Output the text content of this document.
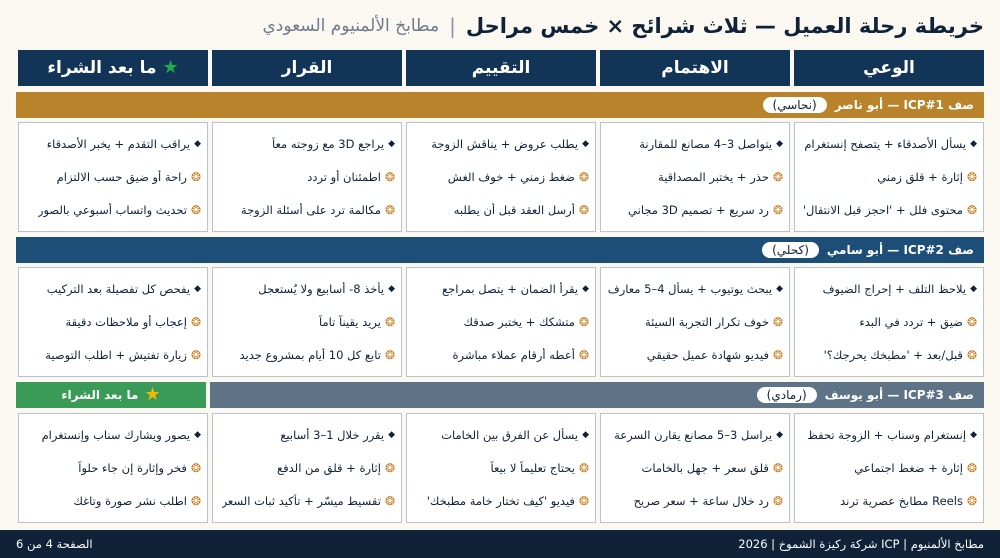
خريطة رحلة العميل — ثلاث شرائح × خمس مراحل
|
مطابخ الألمنيوم السعودي
الوعي
الاهتمام
التقييم
القرار
★
ما بعد الشراء
صف ICP#1 — أبو ناصر
(نحاسي)
◆
يسأل الأصدقاء + يتصفح إنستغرام
❂
إثارة + قلق زمني
❂
محتوى فلل + 'احجز قبل الانتقال'
◆
يتواصل 3–4 مصانع للمقارنة
❂
حذر + يختبر المصداقية
❂
رد سريع + تصميم 3D مجاني
◆
يطلب عروض + يناقش الزوجة
❂
ضغط زمني + خوف الغش
❂
أرسل العقد قبل أن يطلبه
◆
يراجع 3D مع زوجته معاً
❂
اطمئنان أو تردد
❂
مكالمة ترد على أسئلة الزوجة
◆
يراقب التقدم + يخبر الأصدقاء
❂
راحة أو ضيق حسب الالتزام
❂
تحديث واتساب أسبوعي بالصور
صف ICP#2 — أبو سامي
(كحلي)
◆
يلاحظ التلف + إحراج الضيوف
❂
ضيق + تردد في البدء
❂
قبل/بعد + 'مطبخك يحرجك؟'
◆
يبحث يوتيوب + يسأل 4–5 معارف
❂
خوف تكرار التجربة السيئة
❂
فيديو شهادة عميل حقيقي
◆
يقرأ الضمان + يتصل بمراجع
❂
متشكك + يختبر صدقك
❂
أعطه أرقام عملاء مباشرة
◆
يأخذ 8- أسابيع ولا يُستعجل
❂
يريد يقيناً تاماً
❂
تابع كل 10 أيام بمشروع جديد
◆
يفحص كل تفصيلة بعد التركيب
❂
إعجاب أو ملاحظات دقيقة
❂
زيارة تفتيش + اطلب التوصية
صف ICP#3 — أبو يوسف
(رمادي)
★
ما بعد الشراء
◆
إنستغرام وسناب + الزوجة تحفظ
❂
إثارة + ضغط اجتماعي
❂
Reels مطابخ عصرية ترند
◆
يراسل 3–5 مصانع يقارن السرعة
❂
قلق سعر + جهل بالخامات
❂
رد خلال ساعة + سعر صريح
◆
يسأل عن الفرق بين الخامات
❂
يحتاج تعليماً لا بيعاً
❂
فيديو 'كيف تختار خامة مطبخك'
◆
يقرر خلال 1–3 أسابيع
❂
إثارة + قلق من الدفع
❂
تقسيط ميسّر + تأكيد ثبات السعر
◆
يصور ويشارك سناب وإنستغرام
❂
فخر وإثارة إن جاء حلواً
❂
اطلب نشر صورة وتاغك
مطابخ الألمنيوم | ICP شركة ركيزة الشموخ | 2026
الصفحة 4 من 6
